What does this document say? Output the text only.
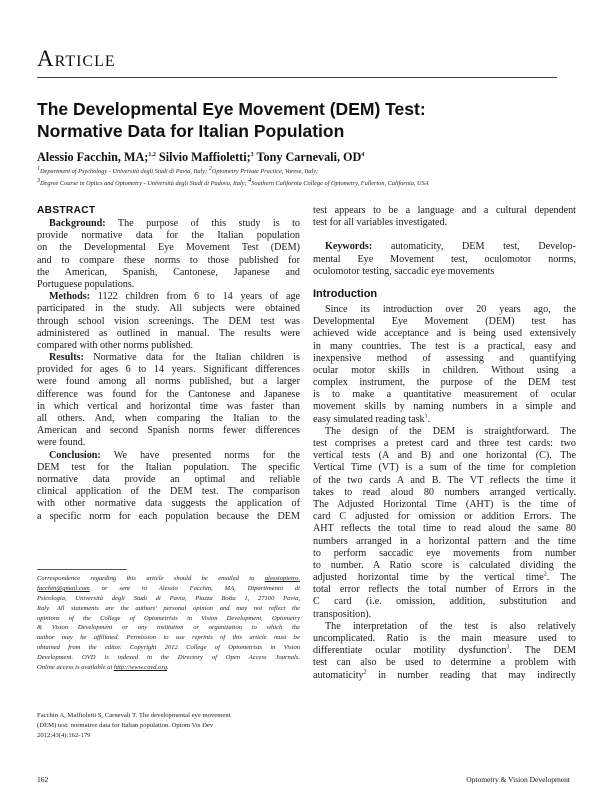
Article
The Developmental Eye Movement (DEM) Test:
Normative Data for Italian Population
Alessio Facchin, MA;$^{1,2}$ Silvio Maffioletti;$^3$ Tony Carnevali, $OD^4$
$^1$Department of Psychology - Università degli Studi di Pavia, Italy; $^2$Optometry Private Practice, Varese, Italy;
$^3$Degree Course in Optics and Optometry - Università degli Studi di Padova, Italy; $^4$Southern California College of Optometry, Fullerton, California, USA
ABSTRACT
Background: The purpose of this study is to
provide normative data for the Italian population
on the Developmental Eye Movement Test (DEM)
and to compare these norms to those published for
the American, Spanish, Cantonese, Japanese and
Portuguese populations.
Methods: 1122 children from 6 to 14 years of age
participated in the study. All subjects were obtained
through school vision screenings. The DEM test was
administered as outlined in manual. The results were
compared with other norms published.
Results: Normative data for the Italian children is
provided for ages 6 to 14 years. Significant differences
were found among all norms published, but a larger
difference was found for the Cantonese and Japanese
in which vertical and horizontal time was faster than
all others. And, when comparing the Italian to the
American and second Spanish norms fewer differences
were found.
Conclusion: We have presented norms for the
DEM test for the Italian population. The specific
normative data provide an optimal and reliable
clinical application of the DEM test. The comparison
with other normative data suggests the application of
a specific norm for each population because the DEM
test appears to be a language and a cultural dependent
test for all variables investigated.
Keywords: automaticity, DEM test, Develop-
mental Eye Movement test, oculomotor norms,
oculomotor testing, saccadic eye movements
Introduction
Since its introduction over 20 years ago, the
Developmental Eye Movement (DEM) test has
achieved wide acceptance and is being used extensively
in many countries. The test is a practical, easy and
inexpensive method of assessing and quantifying
ocular motor skills in children. Without using a
complex instrument, the purpose of the DEM test
is to make a quantitative measurement of ocular
movement skills by naming numbers in a simple and
easy simulated reading task$^1$.
The design of the DEM is straightforward. The
test comprises a pretest card and three test cards: two
vertical tests (A and B) and one horizontal (C). The
Vertical Time (VT) is a sum of the time for completion
of the two cards A and B. The VT reflects the time it
takes to read aloud 80 numbers arranged vertically.
The Adjusted Horizontal Time (AHT) is the time of
card C adjusted for omission or addition Errors. The
AHT reflects the total time to read aloud the same 80
numbers arranged in a horizontal pattern and the time
to perform saccadic eye movements from number
to number. A Ratio score is calculated dividing the
adjusted horizontal time by the vertical time$^2$. The
total error reflects the total number of Errors in the
C card (i.e. omission, addition, substitution and
transposition).
The interpretation of the test is also relatively
uncomplicated. Ratio is the main measure used to
differentiate ocular motility dysfunction$^3$. The DEM
test can also be used to determine a problem with
automaticity$^2$ in number reading that may indirectly
Correspondence regarding this article should be emailed to alessiopietro.
facchin@gmail.com or sent to Alessio Facchin, MA, Dipartimento di
Psicologia, Università degli Studi di Pavia, Piazza Botta 1, 27100 Pavia,
Italy. All statements are the authors' personal opinion and may not reflect the
opinions of the College of Optometrists in Vision Development, Optometry
& Vision Development or any institution or organization to which the
author may be affiliated. Permission to use reprints of this article must be
obtained from the editor. Copyright 2012 College of Optometrists in Vision
Development. OVD is indexed in the Directory of Open Access Journals.
Online access is available at http://www.covd.org.
Facchin A, Maffioletti S, Carnevali T. The developmental eye movement
(DEM) test: normative data for Italian population. Optom Vis Dev
2012;43(4):162-179
162	Optometry & Vision Development
